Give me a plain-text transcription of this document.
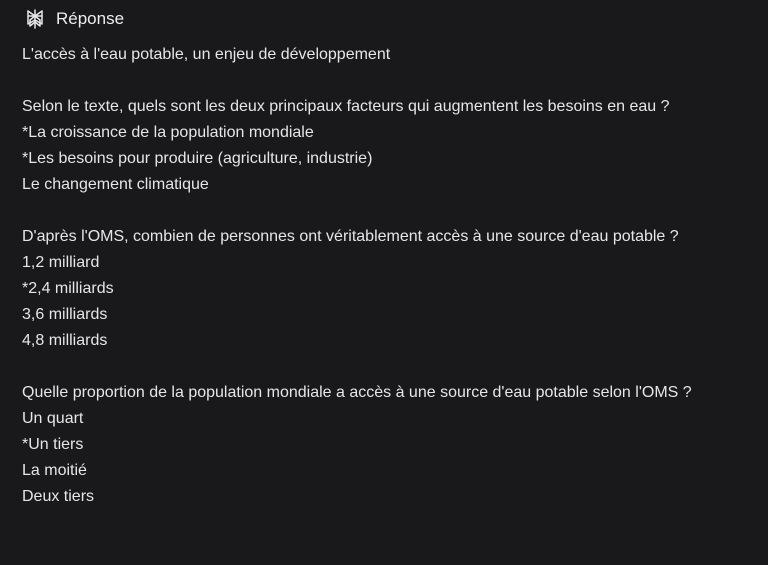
Réponse
L'accès à l'eau potable, un enjeu de développement
Selon le texte, quels sont les deux principaux facteurs qui augmentent les besoins en eau ?
*La croissance de la population mondiale
*Les besoins pour produire (agriculture, industrie)
Le changement climatique
D'après l'OMS, combien de personnes ont véritablement accès à une source d'eau potable ?
1,2 milliard
*2,4 milliards
3,6 milliards
4,8 milliards
Quelle proportion de la population mondiale a accès à une source d'eau potable selon l'OMS ?
Un quart
*Un tiers
La moitié
Deux tiers
